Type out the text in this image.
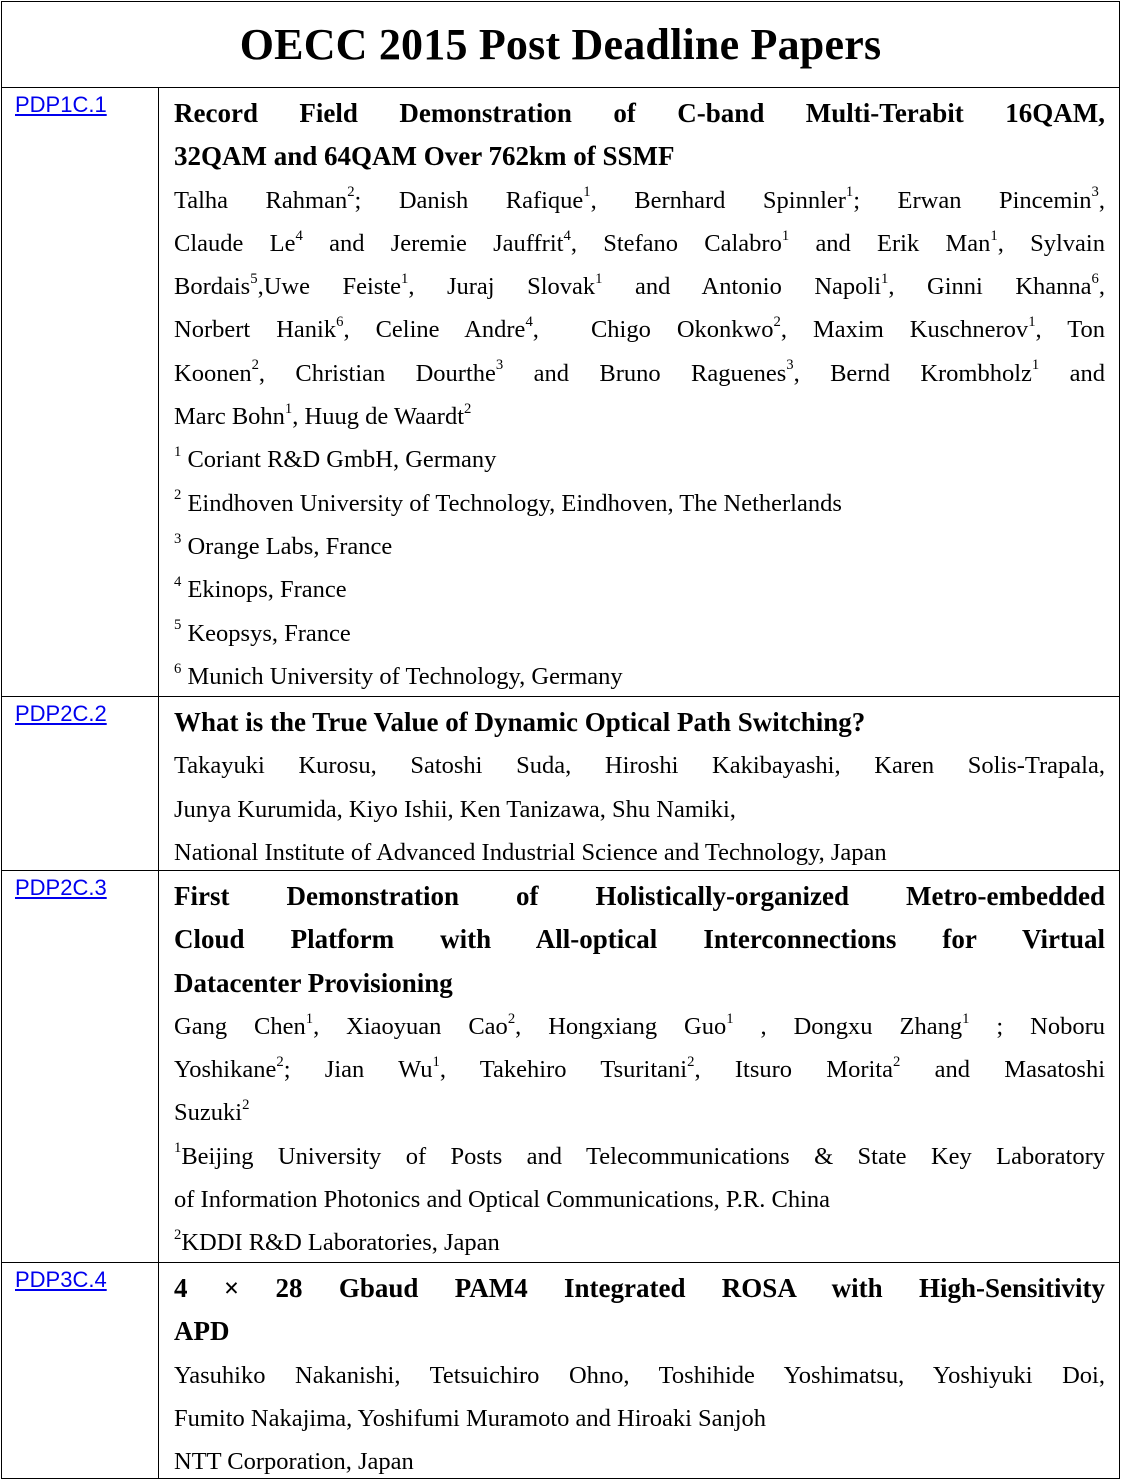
OECC 2015 Post Deadline Papers
PDP1C.1 Record Field Demonstration of C-band Multi-Terabit 16QAM,
32QAM and 64QAM Over 762km of SSMF
Talha Rahman$^2$; Danish Rafique$^1$, Bernhard Spinnler$^1$; Erwan Pincemin$^3$,
Claude Le$^4$ and Jeremie Jauffrit$^4$, Stefano Calabro$^1$ and Erik Man$^1$, Sylvain
Bordais$^5$,Uwe Feiste$^1$, Juraj Slovak$^1$ and Antonio Napoli$^1$, Ginni Khanna$^6$,
Norbert Hanik$^6$, Celine Andre$^4$,  Chigo Okonkwo$^2$, Maxim Kuschnerov$^1$, Ton
Koonen$^2$, Christian Dourthe$^3$ and Bruno Raguenes$^3$, Bernd Krombholz$^1$ and
Marc Bohn$^1$, Huug de Waardt$^2$
$^1$ Coriant R&D GmbH, Germany
$^2$ Eindhoven University of Technology, Eindhoven, The Netherlands
$^3$ Orange Labs, France
$^4$ Ekinops, France
$^5$ Keopsys, France
$^6$ Munich University of Technology, Germany
PDP2C.2 What is the True Value of Dynamic Optical Path Switching?
Takayuki Kurosu, Satoshi Suda, Hiroshi Kakibayashi, Karen Solis-Trapala,
Junya Kurumida, Kiyo Ishii, Ken Tanizawa, Shu Namiki,
National Institute of Advanced Industrial Science and Technology, Japan
PDP2C.3 First Demonstration of Holistically-organized Metro-embedded
Cloud Platform with All-optical Interconnections for Virtual
Datacenter Provisioning
Gang Chen$^1$, Xiaoyuan Cao$^2$, Hongxiang Guo$^1$ , Dongxu Zhang$^1$ ; Noboru
Yoshikane$^2$; Jian Wu$^1$, Takehiro Tsuritani$^2$, Itsuro Morita$^2$ and Masatoshi
Suzuki$^2$
$^1$Beijing University of Posts and Telecommunications & State Key Laboratory
of Information Photonics and Optical Communications, P.R. China
$^2$KDDI R&D Laboratories, Japan
PDP3C.4 4 × 28 Gbaud PAM4 Integrated ROSA with High-Sensitivity
APD
Yasuhiko Nakanishi, Tetsuichiro Ohno, Toshihide Yoshimatsu, Yoshiyuki Doi,
Fumito Nakajima, Yoshifumi Muramoto and Hiroaki Sanjoh
NTT Corporation, Japan
